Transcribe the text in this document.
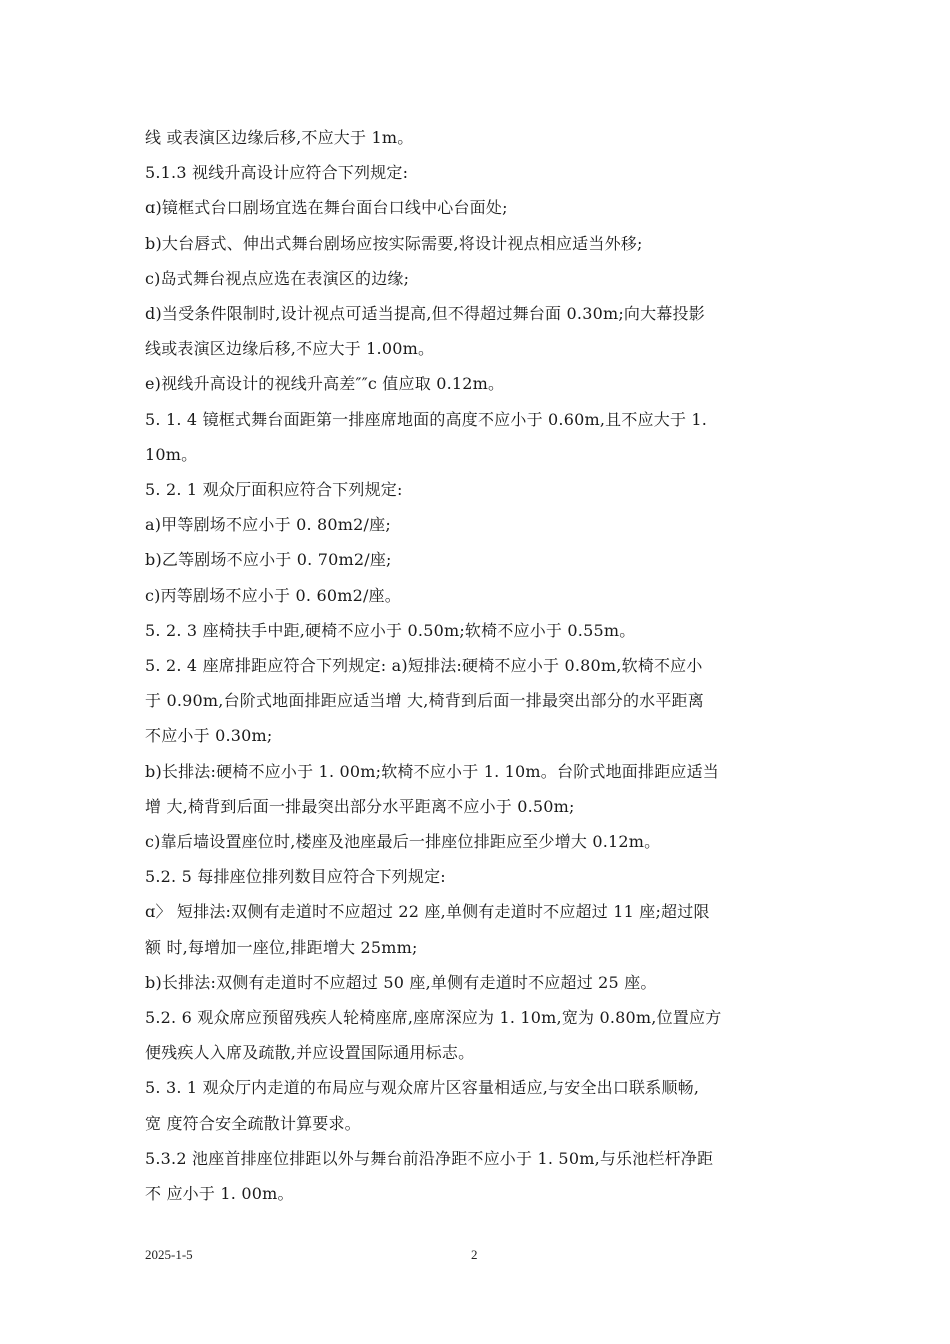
线 或表演区边缘后移,不应大于 1m。
5.1.3 视线升高设计应符合下列规定:
ɑ)镜框式台口剧场宜选在舞台面台口线中心台面处;
b)大台唇式、伸出式舞台剧场应按实际需要,将设计视点相应适当外移;
c)岛式舞台视点应选在表演区的边缘;
d)当受条件限制时,设计视点可适当提高,但不得超过舞台面 0.30m;向大幕投影
线或表演区边缘后移,不应大于 1.00m。
e)视线升高设计的视线升高差″″c 值应取 0.12m。
5. 1. 4 镜框式舞台面距第一排座席地面的高度不应小于 0.60m,且不应大于 1.
10m。
5. 2. 1 观众厅面积应符合下列规定:
a)甲等剧场不应小于 0. 80m2/座;
b)乙等剧场不应小于 0. 70m2/座;
c)丙等剧场不应小于 0. 60m2/座。
5. 2. 3 座椅扶手中距,硬椅不应小于 0.50m;软椅不应小于 0.55m。
5. 2. 4 座席排距应符合下列规定: a)短排法:硬椅不应小于 0.80m,软椅不应小
于 0.90m,台阶式地面排距应适当增 大,椅背到后面一排最突出部分的水平距离
不应小于 0.30m;
b)长排法:硬椅不应小于 1. 00m;软椅不应小于 1. 10m。台阶式地面排距应适当
增 大,椅背到后面一排最突出部分水平距离不应小于 0.50m;
c)靠后墙设置座位时,楼座及池座最后一排座位排距应至少增大 0.12m。
5.2. 5 每排座位排列数目应符合下列规定:
ɑ〉 短排法:双侧有走道时不应超过 22 座,单侧有走道时不应超过 11 座;超过限
额 时,每增加一座位,排距增大 25mm;
b)长排法:双侧有走道时不应超过 50 座,单侧有走道时不应超过 25 座。
5.2. 6 观众席应预留残疾人轮椅座席,座席深应为 1. 10m,宽为 0.80m,位置应方
便残疾人入席及疏散,并应设置国际通用标志。
5. 3. 1 观众厅内走道的布局应与观众席片区容量相适应,与安全出口联系顺畅,
宽 度符合安全疏散计算要求。
5.3.2 池座首排座位排距以外与舞台前沿净距不应小于 1. 50m,与乐池栏杆净距
不 应小于 1. 00m。
2025-1-5	2
